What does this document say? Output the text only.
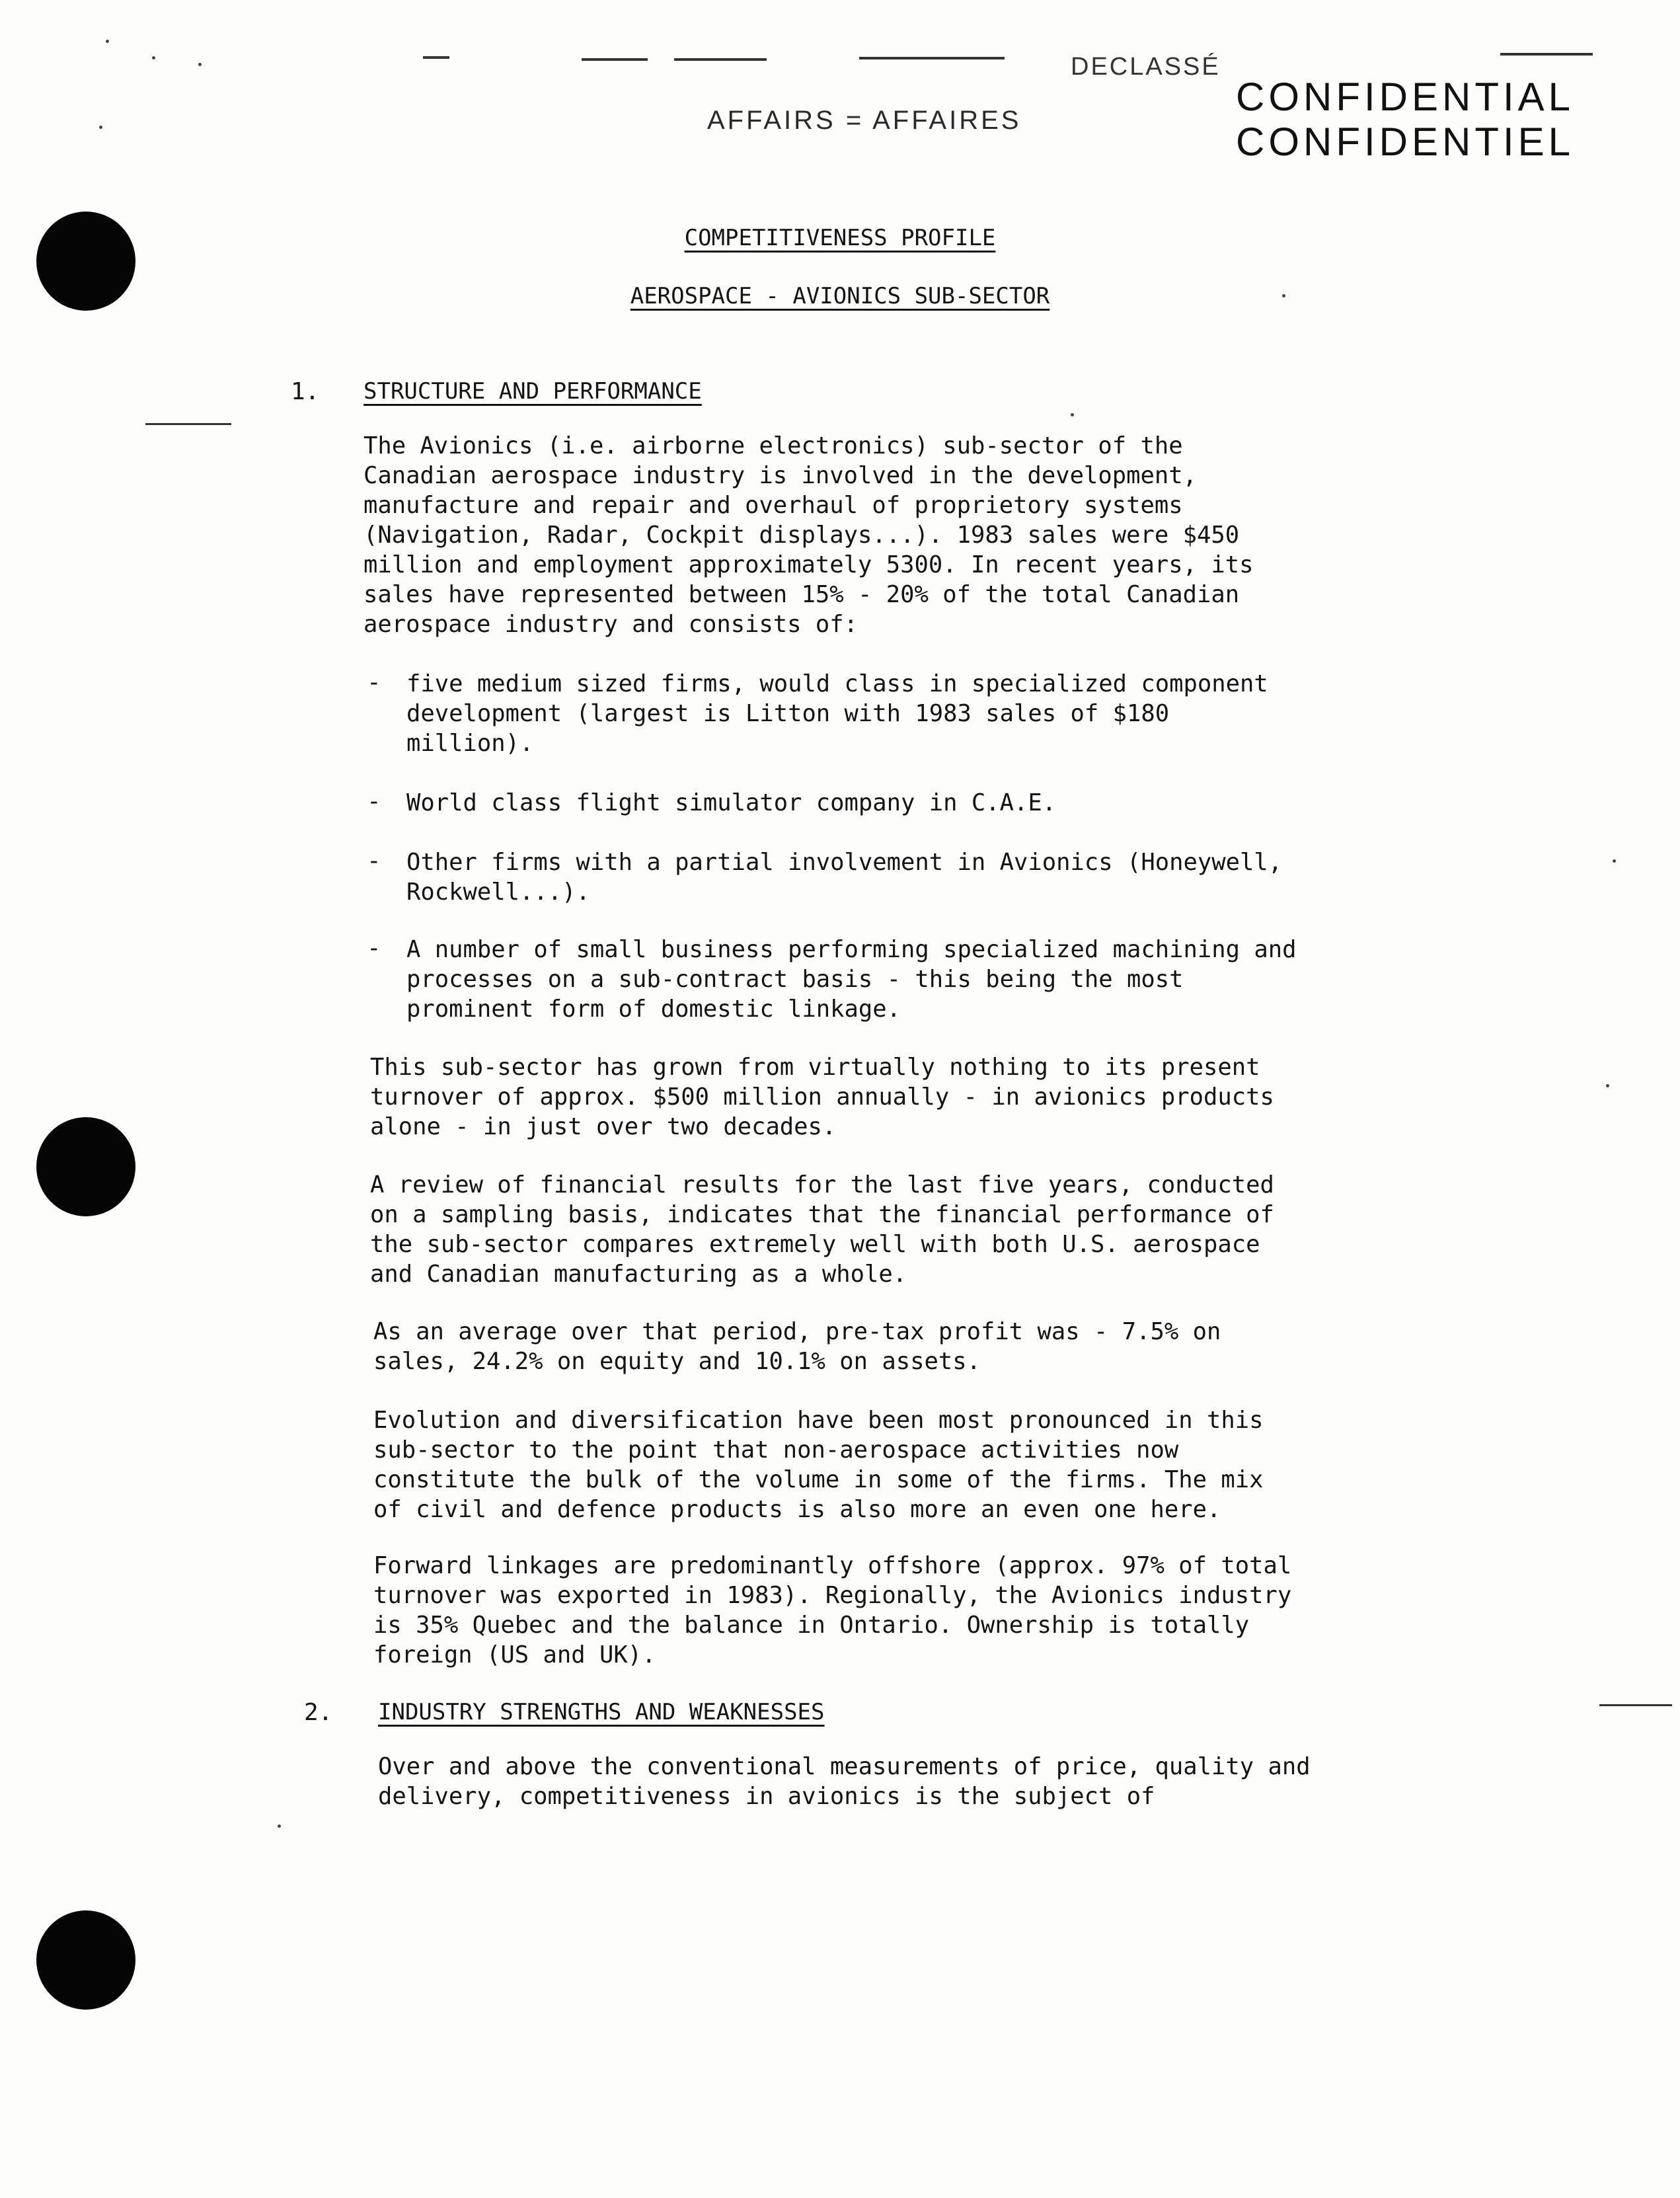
DECLASSÉ
AFFAIRS = AFFAIRES
CONFIDENTIAL
CONFIDENTIEL
COMPETITIVENESS PROFILE
AEROSPACE - AVIONICS SUB-SECTOR
1. STRUCTURE AND PERFORMANCE

The Avionics (i.e. airborne electronics) sub-sector of the
Canadian aerospace industry is involved in the development,
manufacture and repair and overhaul of proprietory systems
(Navigation, Radar, Cockpit displays...). 1983 sales were $450
million and employment approximately 5300. In recent years, its
sales have represented between 15% - 20% of the total Canadian
aerospace industry and consists of:

- five medium sized firms, would class in specialized component
development (largest is Litton with 1983 sales of $180
million).

- World class flight simulator company in C.A.E.

- Other firms with a partial involvement in Avionics (Honeywell,
Rockwell...).

- A number of small business performing specialized machining and
processes on a sub-contract basis - this being the most
prominent form of domestic linkage.

This sub-sector has grown from virtually nothing to its present
turnover of approx. $500 million annually - in avionics products
alone - in just over two decades.

A review of financial results for the last five years, conducted
on a sampling basis, indicates that the financial performance of
the sub-sector compares extremely well with both U.S. aerospace
and Canadian manufacturing as a whole.

As an average over that period, pre-tax profit was - 7.5% on
sales, 24.2% on equity and 10.1% on assets.

Evolution and diversification have been most pronounced in this
sub-sector to the point that non-aerospace activities now
constitute the bulk of the volume in some of the firms. The mix
of civil and defence products is also more an even one here.

Forward linkages are predominantly offshore (approx. 97% of total
turnover was exported in 1983). Regionally, the Avionics industry
is 35% Quebec and the balance in Ontario. Ownership is totally
foreign (US and UK).

2. INDUSTRY STRENGTHS AND WEAKNESSES

Over and above the conventional measurements of price, quality and
delivery, competitiveness in avionics is the subject of
